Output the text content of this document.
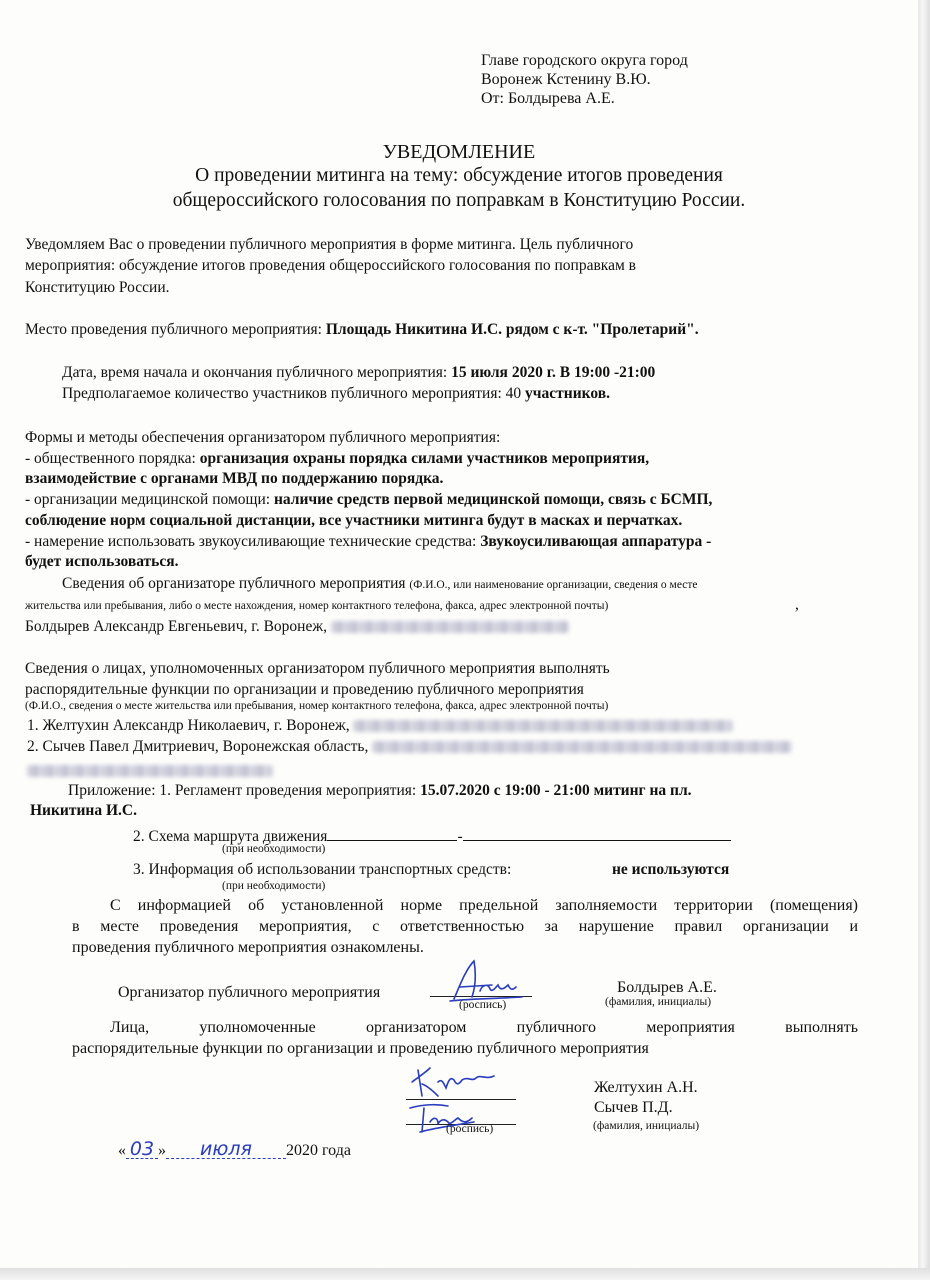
Главе городского округа город
Воронеж Кстенину В.Ю.
От: Болдырева А.Е.
УВЕДОМЛЕНИЕ
О проведении митинга на тему: обсуждение итогов проведения
общероссийского голосования по поправкам в Конституцию России.
Уведомляем Вас о проведении публичного мероприятия в форме митинга. Цель публичного
мероприятия: обсуждение итогов проведения общероссийского голосования по поправкам в
Конституцию России.
Место проведения публичного мероприятия: Площадь Никитина И.С. рядом с к-т. "Пролетарий".
Дата, время начала и окончания публичного мероприятия: 15 июля 2020 г. В 19:00 -21:00
Предполагаемое количество участников публичного мероприятия: 40 участников.
Формы и методы обеспечения организатором публичного мероприятия:
- общественного порядка: организация охраны порядка силами участников мероприятия,
взаимодействие с органами МВД по поддержанию порядка.
- организации медицинской помощи: наличие средств первой медицинской помощи, связь с БСМП,
соблюдение норм социальной дистанции, все участники митинга будут в масках и перчатках.
- намерение использовать звукоусиливающие технические средства: Звукоусиливающая аппаратура -
будет использоваться.
Сведения об организаторе публичного мероприятия (Ф.И.О., или наименование организации, сведения о месте
жительства или пребывания, либо о месте нахождения, номер контактного телефона, факса, адрес электронной почты)	,
Болдырев Александр Евгеньевич, г. Воронеж,
Сведения о лицах, уполномоченных организатором публичного мероприятия выполнять
распорядительные функции по организации и проведению публичного мероприятия
(Ф.И.О., сведения о месте жительства или пребывания, номер контактного телефона, факса, адрес электронной почты)
1. Желтухин Александр Николаевич, г. Воронеж,
2. Сычев Павел Дмитриевич, Воронежская область,
Приложение: 1. Регламент проведения мероприятия: 15.07.2020 с 19:00 - 21:00 митинг на пл.
Никитина И.С.
2. Схема маршрута движения	-
(при необходимости)
3. Информация об использовании транспортных средств:	не используются
(при необходимости)
С информацией об установленной норме предельной заполняемости территории (помещения)
в месте проведения мероприятия, с ответственностью за нарушение правил организации и
проведения публичного мероприятия ознакомлены.
Организатор публичного мероприятия
(роспись)
Болдырев А.Е.
(фамилия, инициалы)
Лица, уполномоченные организатором публичного мероприятия выполнять
распорядительные функции по организации и проведению публичного мероприятия
(роспись)
Желтухин А.Н.
Сычев П.Д.
(фамилия, инициалы)
« 03 » июля 2020 года
